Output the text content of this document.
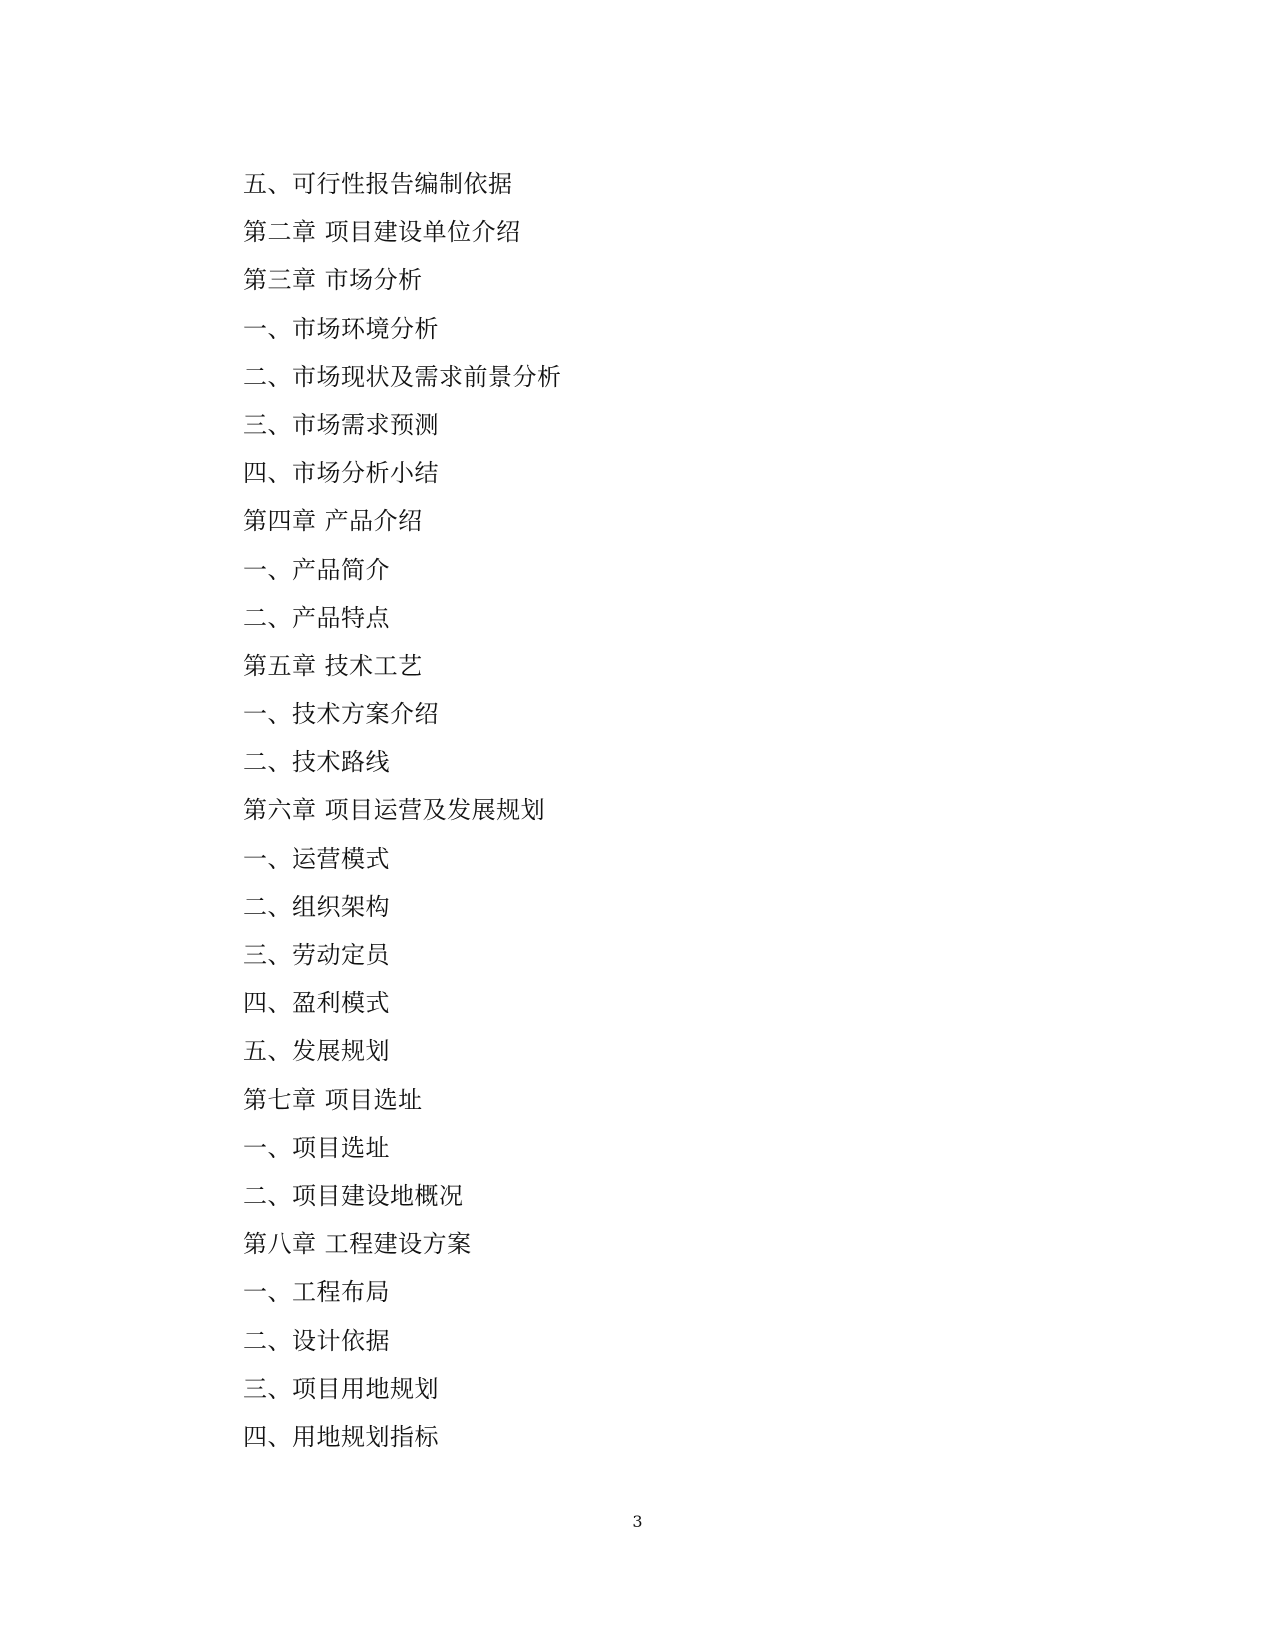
五、可行性报告编制依据
第二章 项目建设单位介绍
第三章 市场分析
一、市场环境分析
二、市场现状及需求前景分析
三、市场需求预测
四、市场分析小结
第四章 产品介绍
一、产品简介
二、产品特点
第五章 技术工艺
一、技术方案介绍
二、技术路线
第六章 项目运营及发展规划
一、运营模式
二、组织架构
三、劳动定员
四、盈利模式
五、发展规划
第七章 项目选址
一、项目选址
二、项目建设地概况
第八章 工程建设方案
一、工程布局
二、设计依据
三、项目用地规划
四、用地规划指标
3
